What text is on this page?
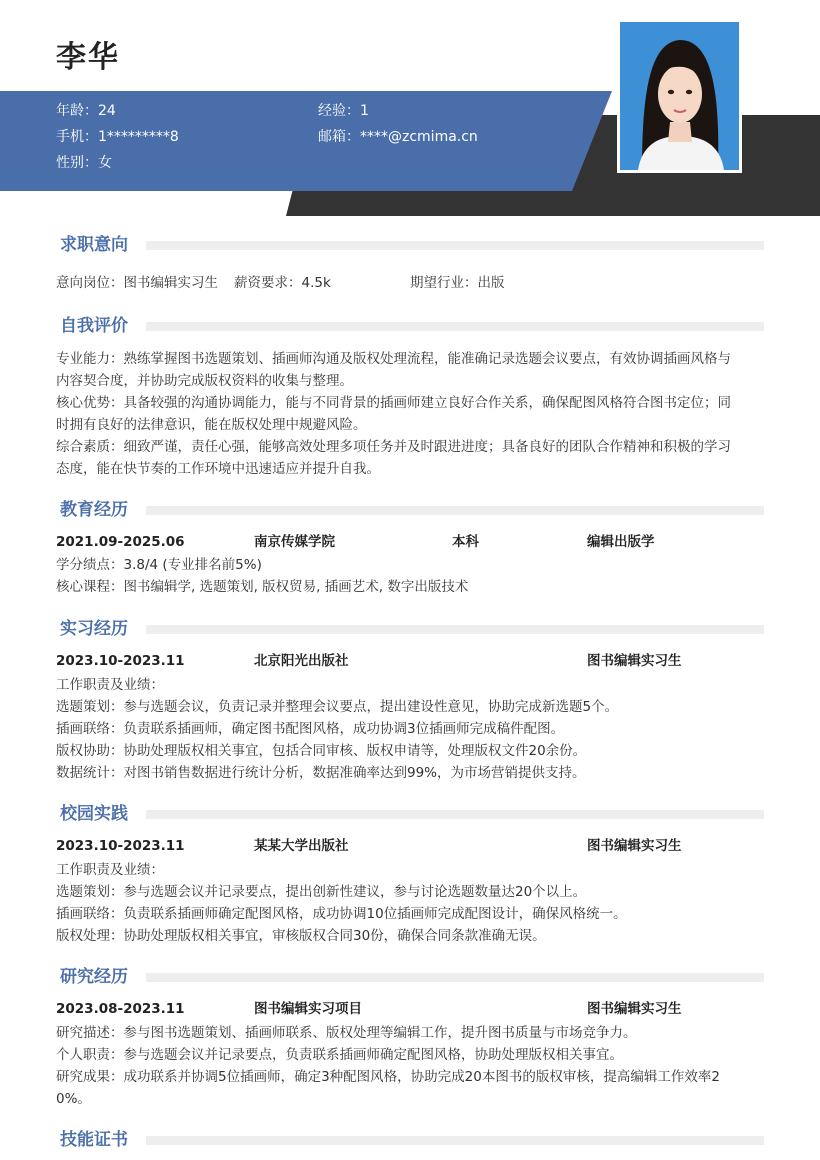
李华
年龄：24	经验：1
手机：1*********8	邮箱：****@zcmima.cn
性别：女
求职意向
意向岗位：图书编辑实习生 薪资要求：4.5k	期望行业：出版
自我评价
专业能力：熟练掌握图书选题策划、插画师沟通及版权处理流程，能准确记录选题会议要点，有效协调插画风格与
内容契合度，并协助完成版权资料的收集与整理。
核心优势：具备较强的沟通协调能力，能与不同背景的插画师建立良好合作关系，确保配图风格符合图书定位；同
时拥有良好的法律意识，能在版权处理中规避风险。
综合素质：细致严谨，责任心强，能够高效处理多项任务并及时跟进进度；具备良好的团队合作精神和积极的学习
态度，能在快节奏的工作环境中迅速适应并提升自我。
教育经历
2021.09-2025.06	南京传媒学院	本科	编辑出版学
学分绩点：3.8/4 (专业排名前5%)
核心课程：图书编辑学, 选题策划, 版权贸易, 插画艺术, 数字出版技术
实习经历
2023.10-2023.11	北京阳光出版社	图书编辑实习生
工作职责及业绩：
选题策划：参与选题会议，负责记录并整理会议要点，提出建设性意见，协助完成新选题5个。
插画联络：负责联系插画师，确定图书配图风格，成功协调3位插画师完成稿件配图。
版权协助：协助处理版权相关事宜，包括合同审核、版权申请等，处理版权文件20余份。
数据统计：对图书销售数据进行统计分析，数据准确率达到99%，为市场营销提供支持。
校园实践
2023.10-2023.11	某某大学出版社	图书编辑实习生
工作职责及业绩：
选题策划：参与选题会议并记录要点，提出创新性建议，参与讨论选题数量达20个以上。
插画联络：负责联系插画师确定配图风格，成功协调10位插画师完成配图设计，确保风格统一。
版权处理：协助处理版权相关事宜，审核版权合同30份，确保合同条款准确无误。
研究经历
2023.08-2023.11	图书编辑实习项目	图书编辑实习生
研究描述：参与图书选题策划、插画师联系、版权处理等编辑工作，提升图书质量与市场竞争力。
个人职责：参与选题会议并记录要点，负责联系插画师确定配图风格，协助处理版权相关事宜。
研究成果：成功联系并协调5位插画师，确定3种配图风格，协助完成20本图书的版权审核，提高编辑工作效率2
0%。
技能证书
